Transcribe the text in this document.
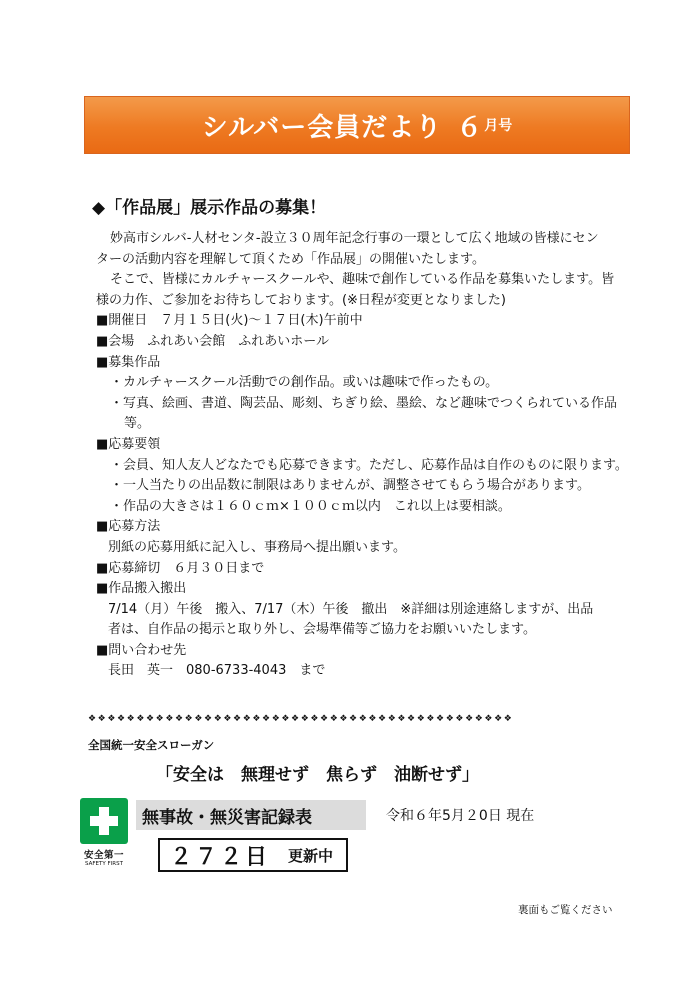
シルバー会員だより ６ 月号
◆「作品展」展示作品の募集！
妙高市シルバ-人材センタ-設立３０周年記念行事の一環として広く地域の皆様にセン
ターの活動内容を理解して頂くため「作品展」の開催いたします。
そこで、皆様にカルチャースクールや、趣味で創作している作品を募集いたします。皆
様の力作、ご参加をお待ちしております。(※日程が変更となりました)
■開催日　７月１５日(火)～１７日(木)午前中
■会場　ふれあい会館　ふれあいホール
■募集作品
・カルチャースクール活動での創作品。或いは趣味で作ったもの。
・写真、絵画、書道、陶芸品、彫刻、ちぎり絵、墨絵、など趣味でつくられている作品
等。
■応募要領
・会員、知人友人どなたでも応募できます。ただし、応募作品は自作のものに限ります。
・一人当たりの出品数に制限はありませんが、調整させてもらう場合があります。
・作品の大きさは１６０ｃｍ×１００ｃｍ以内　これ以上は要相談。
■応募方法
別紙の応募用紙に記入し、事務局へ提出願います。
■応募締切　６月３０日まで
■作品搬入搬出
7/14（月）午後　搬入、7/17（木）午後　撤出　※詳細は別途連絡しますが、出品
者は、自作品の掲示と取り外し、会場準備等ご協力をお願いいたします。
■問い合わせ先
長田　英一　080-6733-4043　まで
❖❖❖❖❖❖❖❖❖❖❖❖❖❖❖❖❖❖❖❖❖❖❖❖❖❖❖❖❖❖❖❖❖❖❖❖❖❖❖❖❖❖❖❖
全国統一安全スローガン
「安全は　無理せず　焦らず　油断せず」
安全第一
SAFETY FIRST
無事故・無災害記録表	令和６年5月２0日 現在
２７２日 更新中
裏面もご覧ください
